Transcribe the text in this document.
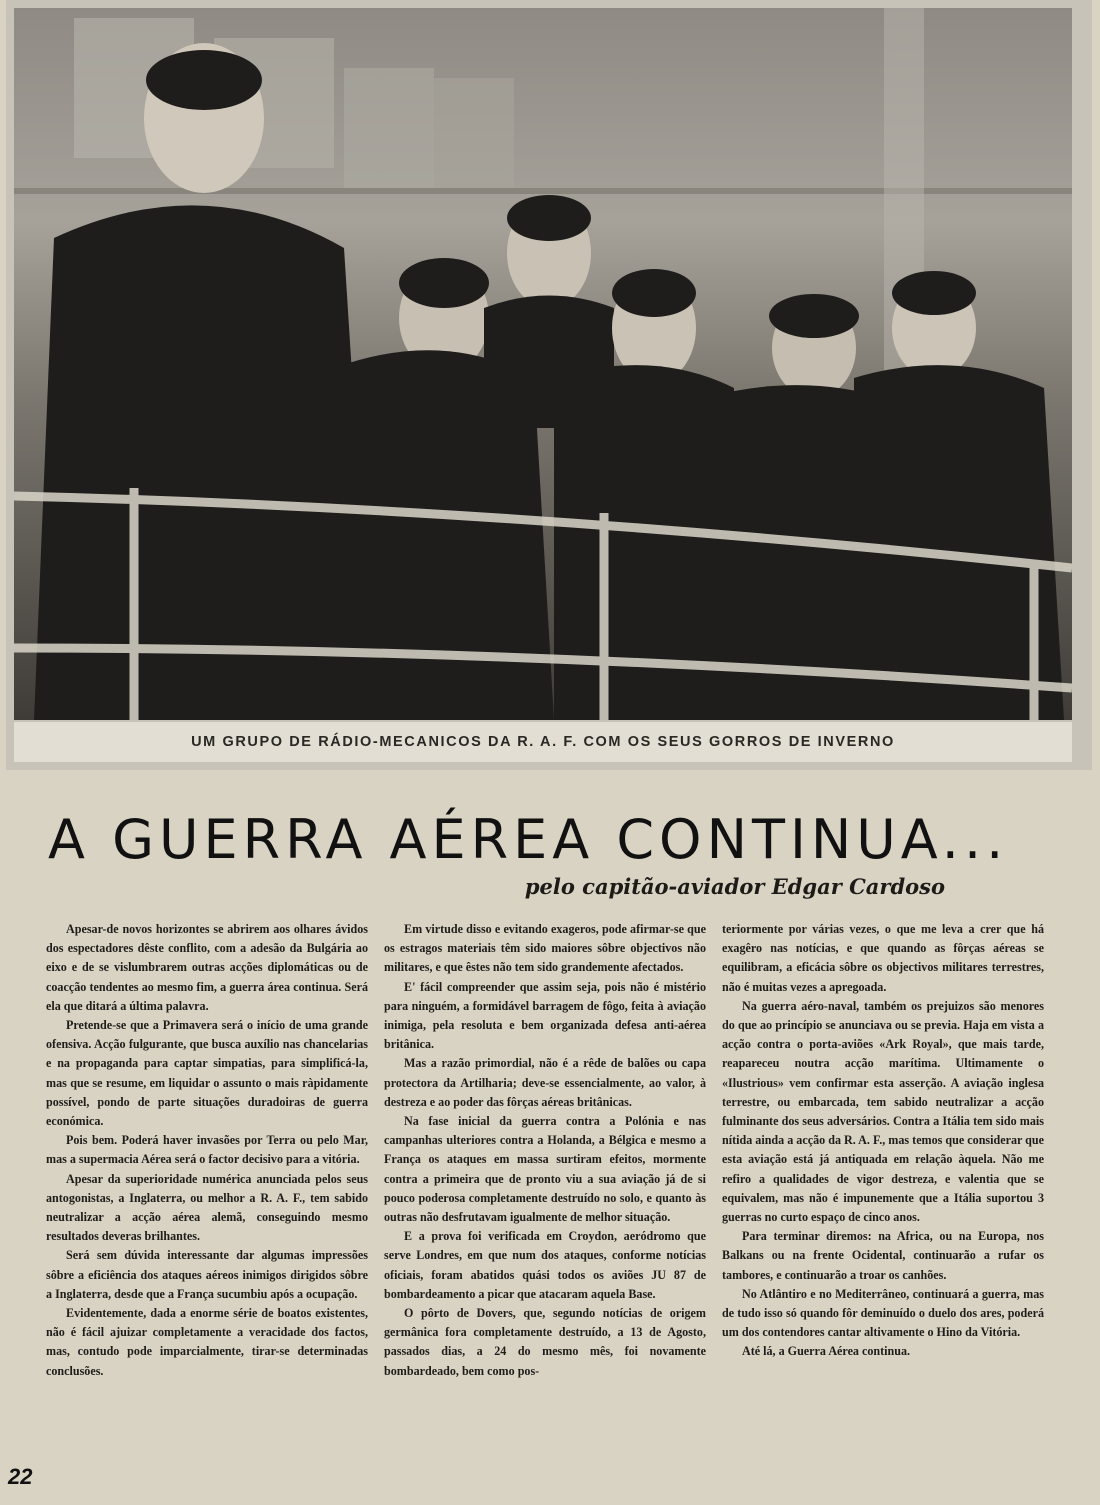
UM GRUPO DE RÁDIO-MECANICOS DA R. A. F. COM OS SEUS GORROS DE INVERNO
A GUERRA AÉREA CONTINUA...
pelo capitão-aviador Edgar Cardoso

Apesar-de novos horizontes se abrirem aos olhares ávidos dos espectadores dêste conflito, com a adesão da Bulgária ao eixo e de se vislumbrarem outras acções diplomáticas ou de coacção tendentes ao mesmo fim, a guerra área continua. Será ela que ditará a última palavra.

Pretende-se que a Primavera será o início de uma grande ofensiva. Acção fulgurante, que busca auxílio nas chancelarias e na propaganda para captar simpatias, para simplificá-la, mas que se resume, em liquidar o assunto o mais ràpidamente possível, pondo de parte situações duradoiras de guerra económica.

Pois bem. Poderá haver invasões por Terra ou pelo Mar, mas a supermacia Aérea será o factor decisivo para a vitória.

Apesar da superioridade numérica anunciada pelos seus antogonistas, a Inglaterra, ou melhor a R. A. F., tem sabido neutralizar a acção aérea alemã, conseguindo mesmo resultados deveras brilhantes.

Será sem dúvida interessante dar algumas impressões sôbre a eficiência dos ataques aéreos inimigos dirigidos sôbre a Inglaterra, desde que a França sucumbiu após a ocupação.

Evidentemente, dada a enorme série de boatos existentes, não é fácil ajuizar completamente a veracidade dos factos, mas, contudo pode imparcialmente, tirar-se determinadas conclusões.

Em virtude disso e evitando exageros, pode afirmar-se que os estragos materiais têm sido maiores sôbre objectivos não militares, e que êstes não tem sido grandemente afectados.

E' fácil compreender que assim seja, pois não é mistério para ninguém, a formidável barragem de fôgo, feita à aviação inimiga, pela resoluta e bem organizada defesa anti-aérea britânica.

Mas a razão primordial, não é a rêde de balões ou capa protectora da Artilharia; deve-se essencialmente, ao valor, à destreza e ao poder das fôrças aéreas britânicas.

Na fase inicial da guerra contra a Polónia e nas campanhas ulteriores contra a Holanda, a Bélgica e mesmo a França os ataques em massa surtiram efeitos, mormente contra a primeira que de pronto viu a sua aviação já de si pouco poderosa completamente destruído no solo, e quanto às outras não desfrutavam igualmente de melhor situação.

E a prova foi verificada em Croydon, aeródromo que serve Londres, em que num dos ataques, conforme notícias oficiais, foram abatidos quási todos os aviões JU 87 de bombardeamento a picar que atacaram aquela Base.

O pôrto de Dovers, que, segundo notícias de origem germânica fora completamente destruído, a 13 de Agosto, passados dias, a 24 do mesmo mês, foi novamente bombardeado, bem como pos-

teriormente por várias vezes, o que me leva a crer que há exagêro nas notícias, e que quando as fôrças aéreas se equilibram, a eficácia sôbre os objectivos militares terrestres, não é muitas vezes a apregoada.

Na guerra aéro-naval, também os prejuizos são menores do que ao princípio se anunciava ou se previa. Haja em vista a acção contra o porta-aviões «Ark Royal», que mais tarde, reapareceu noutra acção marítima. Ultimamente o «Ilustrious» vem confirmar esta asserção. A aviação inglesa terrestre, ou embarcada, tem sabido neutralizar a acção fulminante dos seus adversários. Contra a Itália tem sido mais nítida ainda a acção da R. A. F., mas temos que considerar que esta aviação está já antiquada em relação àquela. Não me refiro a qualidades de vigor destreza, e valentia que se equivalem, mas não é impunemente que a Itália suportou 3 guerras no curto espaço de cinco anos.

Para terminar diremos: na Africa, ou na Europa, nos Balkans ou na frente Ocidental, continuarão a rufar os tambores, e continuarão a troar os canhões.

No Atlântiro e no Mediterrâneo, continuará a guerra, mas de tudo isso só quando fôr deminuído o duelo dos ares, poderá um dos contendores cantar altivamente o Hino da Vitória.

Até lá, a Guerra Aérea continua.

22
